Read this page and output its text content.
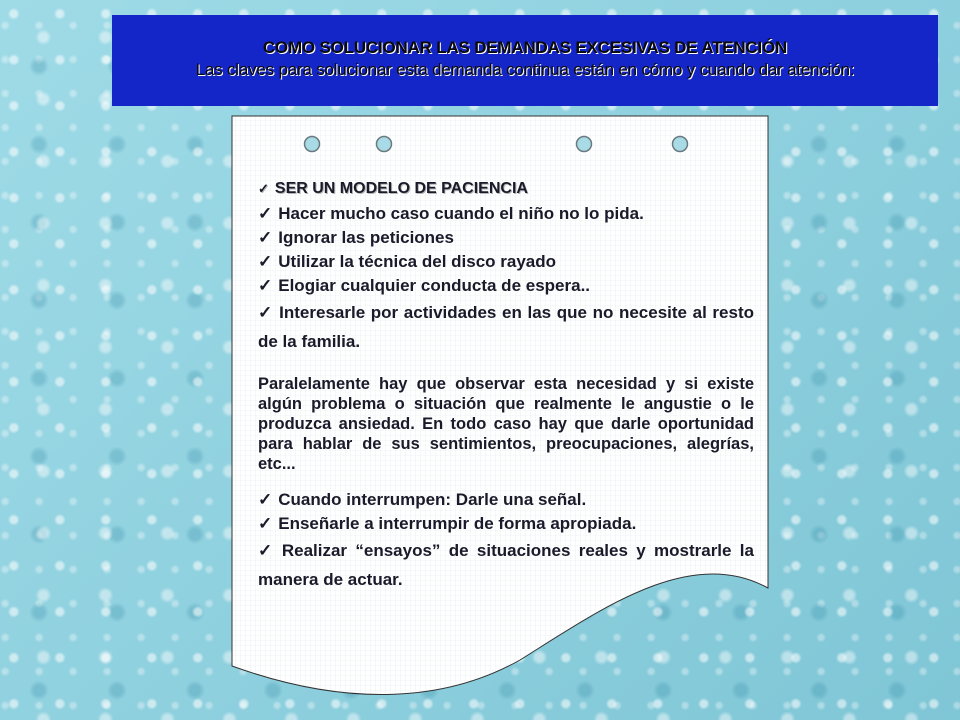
COMO SOLUCIONAR LAS DEMANDAS EXCESIVAS DE ATENCIÓN
Las claves para solucionar esta demanda continua están en cómo y cuando dar atención:
✓ SER UN MODELO DE PACIENCIA
✓ Hacer mucho caso cuando el niño no lo pida.
✓ Ignorar las peticiones
✓ Utilizar la técnica del disco rayado
✓ Elogiar cualquier conducta de espera..
✓ Interesarle por actividades en las que no necesite al resto de la familia.
Paralelamente hay que observar esta necesidad y si existe algún problema o situación que realmente le angustie o le produzca ansiedad. En todo caso hay que darle oportunidad para hablar de sus sentimientos, preocupaciones, alegrías, etc...
✓ Cuando interrumpen: Darle una señal.
✓ Enseñarle a interrumpir de forma apropiada.
✓ Realizar “ensayos” de situaciones reales y mostrarle la manera de actuar.
